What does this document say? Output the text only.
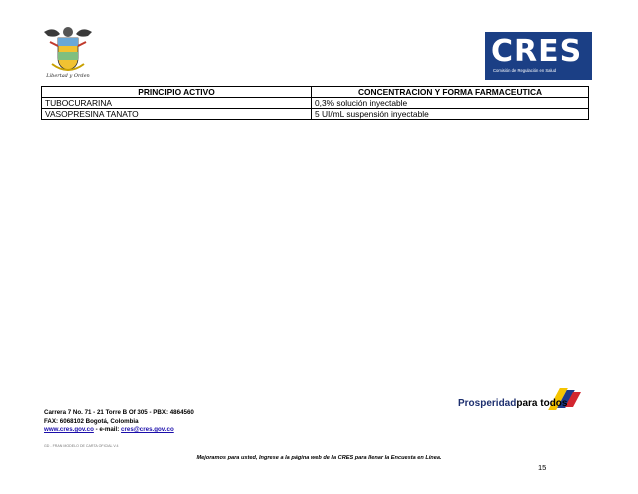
Libertad y Orden
CRES
Comisión de Regulación en Salud
PRINCIPIO ACTIVO	CONCENTRACION Y FORMA FARMACEUTICA
TUBOCURARINA	0,3% solución inyectable
VASOPRESINA TANATO	5 UI/mL suspensión inyectable
Prosperidadpara todos
Carrera 7 No. 71 - 21 Torre B Of 305 - PBX: 4864560
FAX: 6068102 Bogotá, Colombia
www.cres.gov.co - e-mail: cres@cres.gov.co
GD - FRAN MODELO DE CARTA OFICIAL V.4
Mejoramos para usted, Ingrese a la página web de la CRES para llenar la Encuesta en Línea.
15
